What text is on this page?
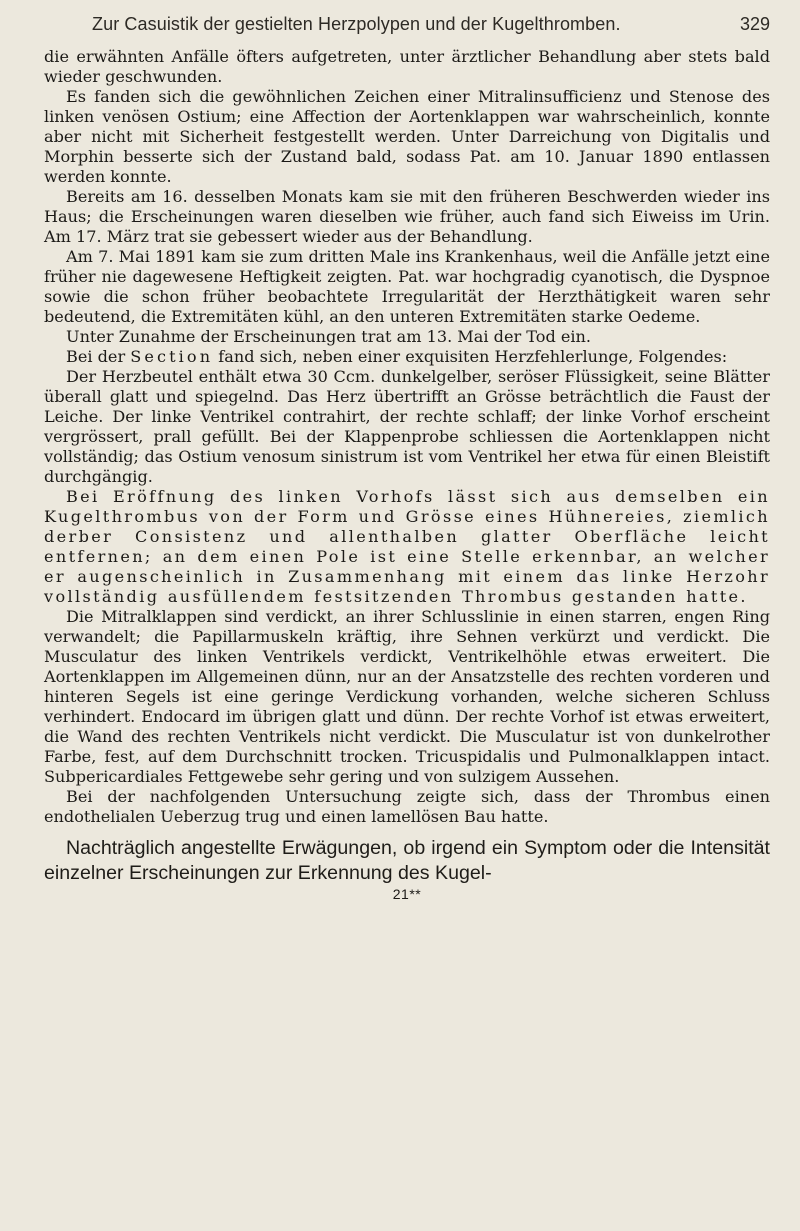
Zur Casuistik der gestielten Herzpolypen und der Kugelthromben.	329

die erwähnten Anfälle öfters aufgetreten, unter ärztlicher Behandlung aber stets bald wieder geschwunden.

Es fanden sich die gewöhnlichen Zeichen einer Mitralinsufficienz und Stenose des linken venösen Ostium; eine Affection der Aortenklappen war wahrscheinlich, konnte aber nicht mit Sicherheit festgestellt werden. Unter Darreichung von Digitalis und Morphin besserte sich der Zustand bald, sodass Pat. am 10. Januar 1890 entlassen werden konnte.

Bereits am 16. desselben Monats kam sie mit den früheren Beschwerden wieder ins Haus; die Erscheinungen waren dieselben wie früher, auch fand sich Eiweiss im Urin. Am 17. März trat sie gebessert wieder aus der Behandlung.

Am 7. Mai 1891 kam sie zum dritten Male ins Krankenhaus, weil die Anfälle jetzt eine früher nie dagewesene Heftigkeit zeigten. Pat. war hochgradig cyanotisch, die Dyspnoe sowie die schon früher beobachtete Irregularität der Herzthätigkeit waren sehr bedeutend, die Extremitäten kühl, an den unteren Extremitäten starke Oedeme.

Unter Zunahme der Erscheinungen trat am 13. Mai der Tod ein.

Bei der Section fand sich, neben einer exquisiten Herzfehlerlunge, Folgendes:

Der Herzbeutel enthält etwa 30 Ccm. dunkelgelber, seröser Flüssigkeit, seine Blätter überall glatt und spiegelnd. Das Herz übertrifft an Grösse beträchtlich die Faust der Leiche. Der linke Ventrikel contrahirt, der rechte schlaff; der linke Vorhof erscheint vergrössert, prall gefüllt. Bei der Klappenprobe schliessen die Aortenklappen nicht vollständig; das Ostium venosum sinistrum ist vom Ventrikel her etwa für einen Bleistift durchgängig.

Bei Eröffnung des linken Vorhofs lässt sich aus demselben ein Kugelthrombus von der Form und Grösse eines Hühnereies, ziemlich derber Consistenz und allenthalben glatter Oberfläche leicht entfernen; an dem einen Pole ist eine Stelle erkennbar, an welcher er augenscheinlich in Zusammenhang mit einem das linke Herzohr vollständig ausfüllendem festsitzenden Thrombus gestanden hatte.

Die Mitralklappen sind verdickt, an ihrer Schlusslinie in einen starren, engen Ring verwandelt; die Papillarmuskeln kräftig, ihre Sehnen verkürzt und verdickt. Die Musculatur des linken Ventrikels verdickt, Ventrikelhöhle etwas erweitert. Die Aortenklappen im Allgemeinen dünn, nur an der Ansatzstelle des rechten vorderen und hinteren Segels ist eine geringe Verdickung vorhanden, welche sicheren Schluss verhindert. Endocard im übrigen glatt und dünn. Der rechte Vorhof ist etwas erweitert, die Wand des rechten Ventrikels nicht verdickt. Die Musculatur ist von dunkelrother Farbe, fest, auf dem Durchschnitt trocken. Tricuspidalis und Pulmonalklappen intact. Subpericardiales Fettgewebe sehr gering und von sulzigem Aussehen.

Bei der nachfolgenden Untersuchung zeigte sich, dass der Thrombus einen endothelialen Ueberzug trug und einen lamellösen Bau hatte.

Nachträglich angestellte Erwägungen, ob irgend ein Symptom oder die Intensität einzelner Erscheinungen zur Erkennung des Kugel-

21**
